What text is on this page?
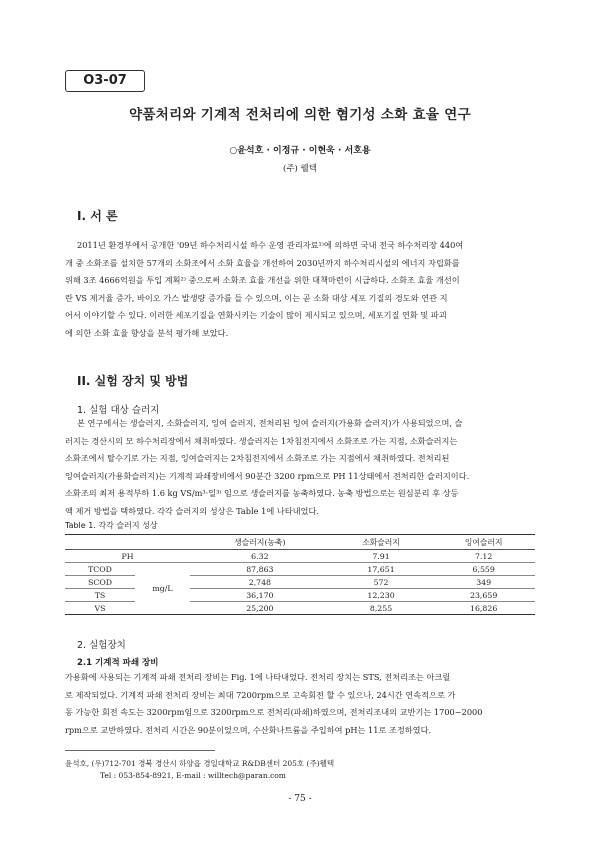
O3-07
약품처리와 기계적 전처리에 의한 혐기성 소화 효율 연구
○윤석호 · 이정규 · 이현욱 · 서호용
(주) 웰텍
I. 서 론
2011년 환경부에서 공개한 '09년 하수처리시설 하수 운영 관리자료¹⁾에 의하면 국내 전국 하수처리장 440여
개 중 소화조를 설치한 57개의 소화조에서 소화 효율을 개선하여 2030년까지 하수처리시설의 에너지 자립화를
위해 3조 4666억원을 투입 계획²⁾ 중으로써 소화조 효율 개선을 위한 대책마련이 시급하다. 소화조 효율 개선이
란 VS 제거율 증가, 바이오 가스 발생량 증가를 들 수 있으며, 이는 곧 소화 대상 세포 기질의 경도와 연관 지
어서 이야기할 수 있다. 이러한 세포기질을 연화시키는 기술이 많이 제시되고 있으며, 세포기질 연화 및 파괴
에 의한 소화 효율 향상을 분석 평가해 보았다.
II. 실험 장치 및 방법
1. 실험 대상 슬러지
본 연구에서는 생슬러지, 소화슬러지, 잉여 슬러지, 전처리된 잉여 슬러지(가용화 슬러지)가 사용되었으며, 슬
러지는 경산시의 모 하수처리장에서 채취하였다. 생슬러지는 1차침전지에서 소화조로 가는 지점, 소화슬러지는
소화조에서 탈수기로 가는 지점, 잉여슬러지는 2차침전지에서 소화조로 가는 지점에서 채취하였다. 전처리된
잉여슬러지(가용화슬러지)는 기계적 파쇄장비에서 90분간 3200 rpm으로 PH 11상태에서 전처리한 슬러지이다.
소화조의 최저 용적부하 1.6 kg VS/m³·일³⁾ 임으로 생슬러지를 농축하였다. 농축 방법으로는 원심분리 후 상등
액 제거 방법을 택하였다. 각각 슬러지의 성상은 Table 1에 나타내었다.
Table 1. 각각 슬러지 성상
		생슬러지(농축)	소화슬러지	잉여슬러지
PH		6.32	7.91	7.12
TCOD	mg/L	87,863	17,651	6,559
SCOD		2,748	572	349
TS		36,170	12,230	23,659
VS		25,200	8,255	16,826
2. 실험장치
2.1 기계적 파쇄 장비
가용화에 사용되는 기계적 파쇄 전처리 장비는 Fig. 1에 나타내었다. 전처리 장치는 STS, 전처리조는 아크릴
로 제작되었다. 기계적 파쇄 전처리 장비는 최대 7200rpm으로 고속회전 할 수 있으나, 24시간 연속적으로 가
동 가능한 회전 속도는 3200rpm임으로 3200rpm으로 전처리(파쇄)하였으며, 전처리조내의 교반기는 1700~2000
rpm으로 교반하였다. 전처리 시간은 90분이었으며, 수산화나트륨을 주입하여 pH는 11로 조정하였다.
윤석호, (우)712-701 경북 경산시 하양읍 경일대학교 R&DB센터 205호 (주)웰텍
Tel : 053-854-8921, E-mail : willtech@paran.com
- 75 -
